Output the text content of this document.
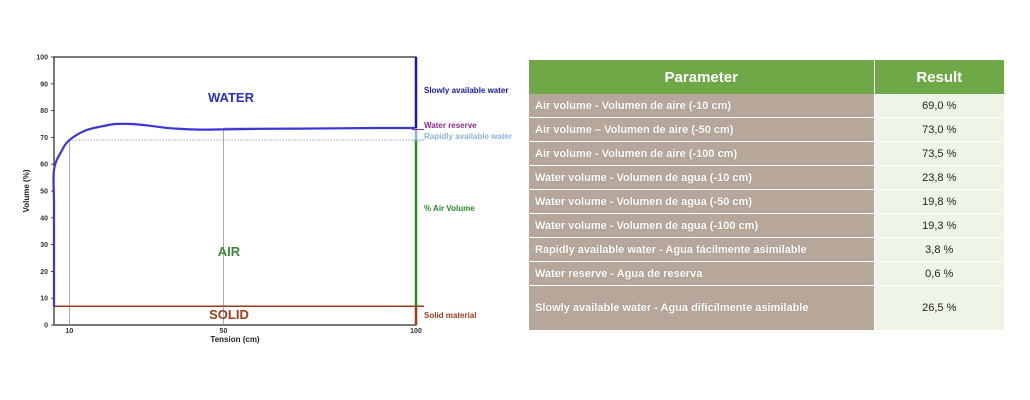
0
10
20
30
40
50
60
70
80
90
100
10	50	100
Tension (cm)
Volume (%)
WATER
AIR
SOLID
Slowly available water
Water reserve
Rapidly available water
% Air Volume
Solid material
Parameter	Result
Air volume - Volumen de aire (-10 cm)	69,0 %
Air volume – Volumen de aire (-50 cm)	73,0 %
Air volume - Volumen de aire (-100 cm)	73,5 %
Water volume - Volumen de agua (-10 cm)	23,8 %
Water volume - Volumen de agua (-50 cm)	19,8 %
Water volume - Volumen de agua (-100 cm)	19,3 %
Rapidly available water - Agua fácilmente asimilable	3,8 %
Water reserve - Agua de reserva	0,6 %
Slowly available water - Agua difícilmente asimilable	26,5 %
